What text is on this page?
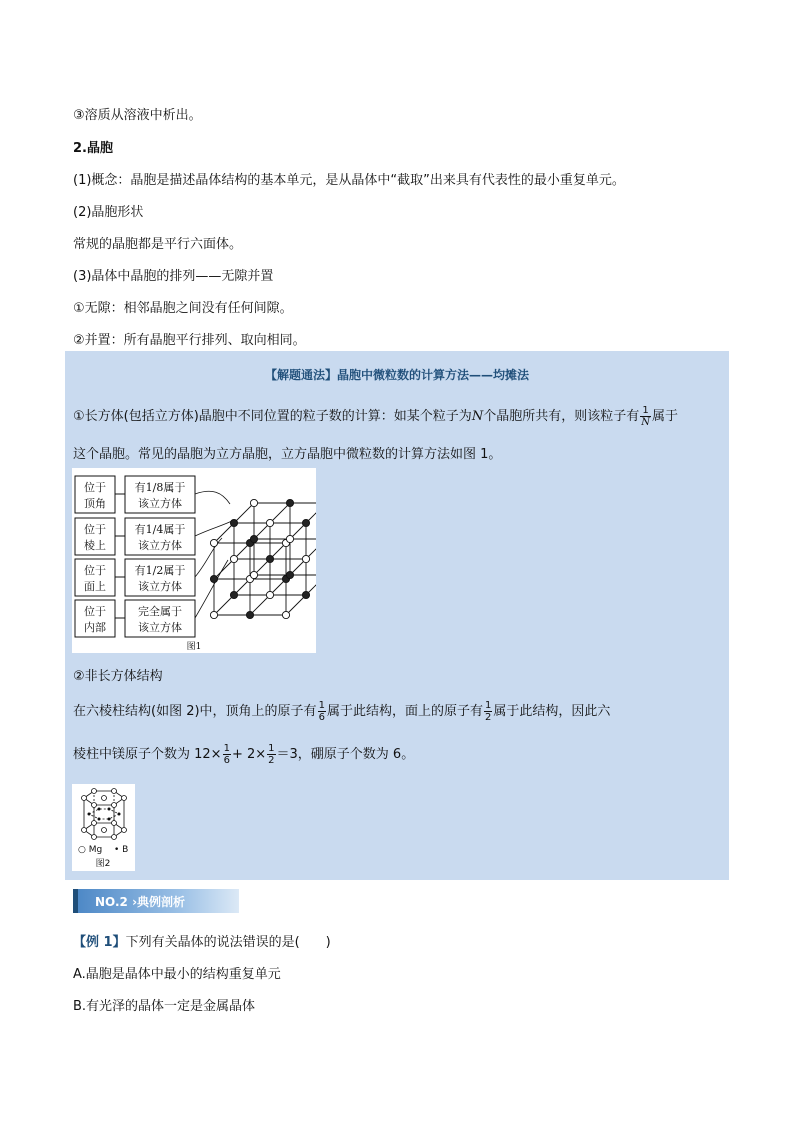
③溶质从溶液中析出。
2.晶胞
(1)概念：晶胞是描述晶体结构的基本单元，是从晶体中“截取”出来具有代表性的最小重复单元。
(2)晶胞形状
常规的晶胞都是平行六面体。
(3)晶体中晶胞的排列——无隙并置
①无隙：相邻晶胞之间没有任何间隙。
②并置：所有晶胞平行排列、取向相同。
【解题通法】晶胞中微粒数的计算方法——均摊法
①长方体(包括立方体)晶胞中不同位置的粒子数的计算：如某个粒子为N个晶胞所共有，则该粒子有 $\frac{1}{N}$ 属于
这个晶胞。常见的晶胞为立方晶胞，立方晶胞中微粒数的计算方法如图 1。
位于
顶角
有1/8属于
该立方体
位于
棱上
有1/4属于
该立方体
位于
面上
有1/2属于
该立方体
位于
内部
完全属于
该立方体
图1
②非长方体结构
在六棱柱结构(如图 2)中，顶角上的原子有 $\frac{1}{6}$ 属于此结构，面上的原子有 $\frac{1}{2}$ 属于此结构，因此六
棱柱中镁原子个数为 $12\times \frac{1}{6} + 2\times \frac{1}{2} =3$，硼原子个数为 6。
○ Mg • B
图2
NO.2 ›典例剖析
【例 1】下列有关晶体的说法错误的是(　　)
A.晶胞是晶体中最小的结构重复单元
B.有光泽的晶体一定是金属晶体
